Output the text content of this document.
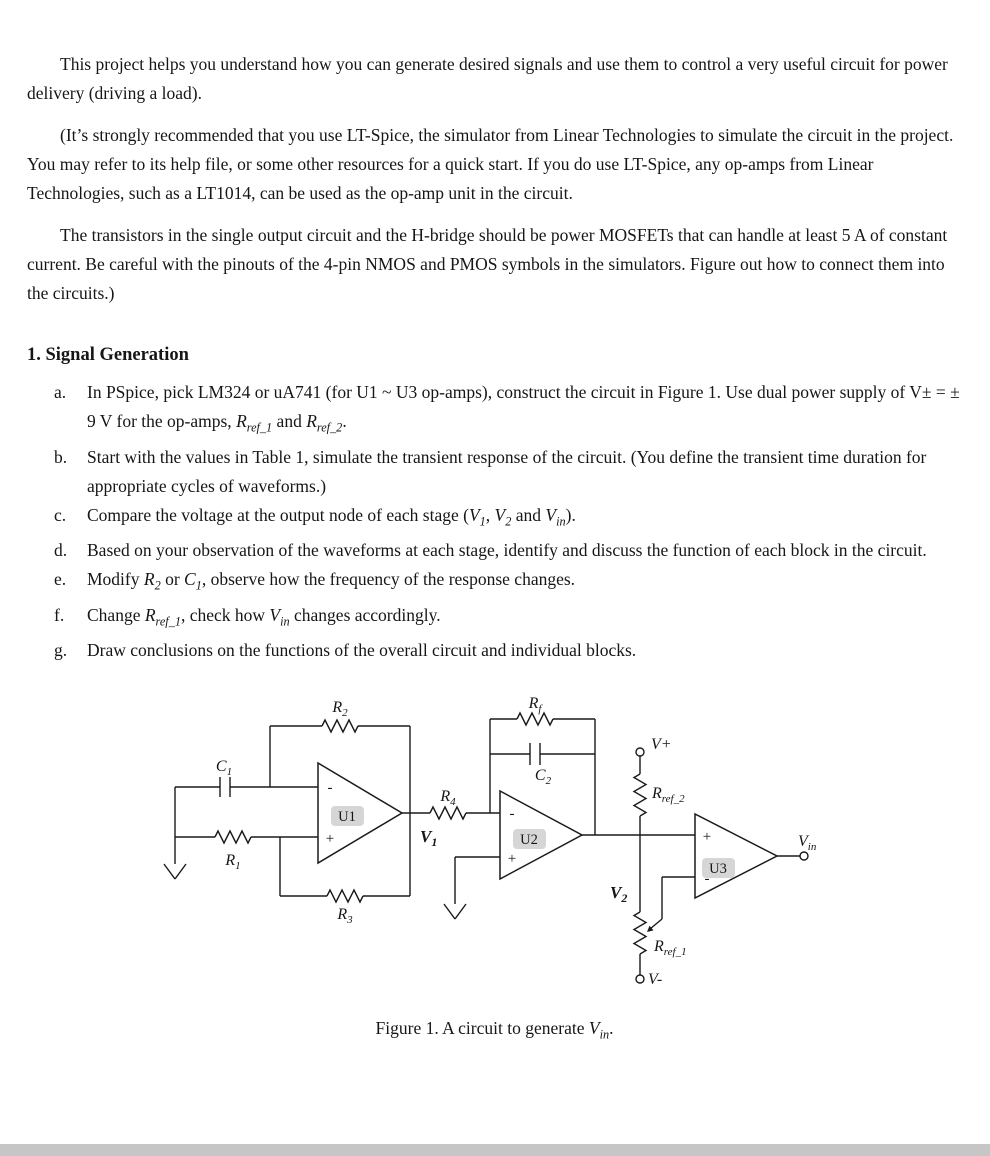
This project helps you understand how you can generate desired signals and use them to control a very useful circuit for power delivery (driving a load).

(It’s strongly recommended that you use LT-Spice, the simulator from Linear Technologies to simulate the circuit in the project. You may refer to its help file, or some other resources for a quick start. If you do use LT-Spice, any op-amps from Linear Technologies, such as a LT1014, can be used as the op-amp unit in the circuit.

The transistors in the single output circuit and the H-bridge should be power MOSFETs that can handle at least 5 A of constant current. Be careful with the pinouts of the 4-pin NMOS and PMOS symbols in the simulators. Figure out how to connect them into the circuits.)

1. Signal Generation
a.	In PSpice, pick LM324 or uA741 (for U1 ~ U3 op-amps), construct the circuit in Figure 1. Use dual power supply of V± = ± 9 V for the op-amps, $R_{ref\_1}$ and $R_{ref\_2}$.
b.	Start with the values in Table 1, simulate the transient response of the circuit. (You define the transient time duration for appropriate cycles of waveforms.)
c.	Compare the voltage at the output node of each stage ($V_1$, $V_2$ and $V_{in}$).
d.	Based on your observation of the waveforms at each stage, identify and discuss the function of each block in the circuit.
e.	Modify $R_2$ or $C_1$, observe how the frequency of the response changes.
f.	Change $R_{ref\_1}$, check how $V_{in}$ changes accordingly.
g.	Draw conclusions on the functions of the overall circuit and individual blocks.
-
+
U1	-
+
U2	+
-
U3
$R_2$
$R_f$
$C_1$	$C_2$
$R_4$
$R_1$
$R_3$
$V_1$
$V_2$
V+
V-
$R_{ref\_2}$
$R_{ref\_1}$
$V_{in}$
Figure 1. A circuit to generate $V_{in}$.
